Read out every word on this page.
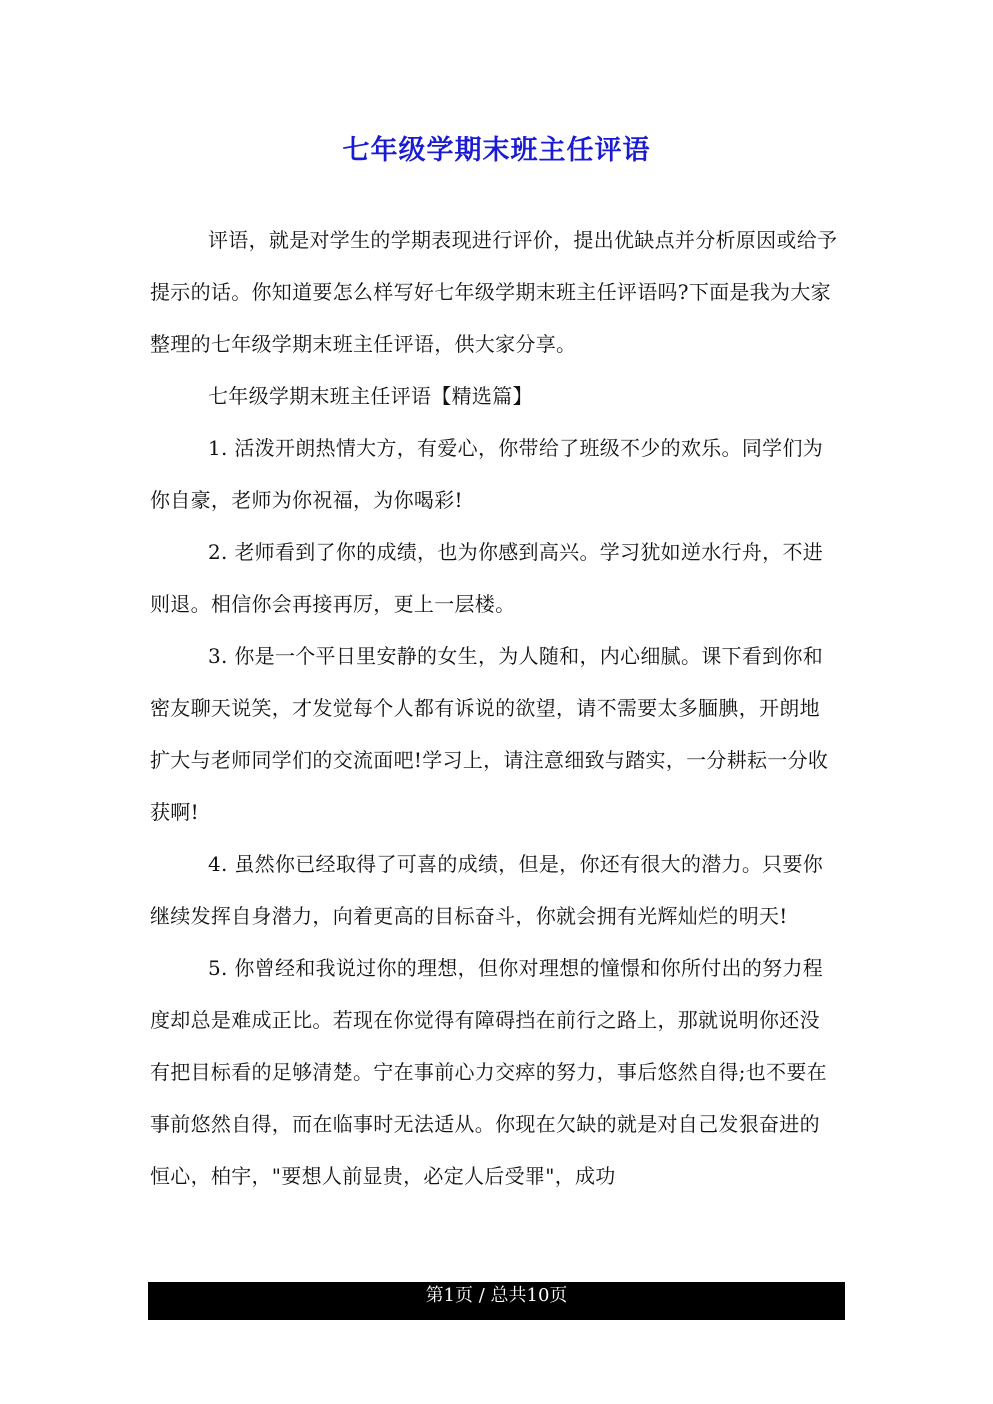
七年级学期末班主任评语

评语，就是对学生的学期表现进行评价，提出优缺点并分析原因或给予提示的话。你知道要怎么样写好七年级学期末班主任评语吗?下面是我为大家整理的七年级学期末班主任评语，供大家分享。

七年级学期末班主任评语【精选篇】

1. 活泼开朗热情大方，有爱心，你带给了班级不少的欢乐。同学们为你自豪，老师为你祝福，为你喝彩!

2. 老师看到了你的成绩，也为你感到高兴。学习犹如逆水行舟，不进则退。相信你会再接再厉，更上一层楼。

3. 你是一个平日里安静的女生，为人随和，内心细腻。课下看到你和密友聊天说笑，才发觉每个人都有诉说的欲望，请不需要太多腼腆，开朗地扩大与老师同学们的交流面吧!学习上，请注意细致与踏实，一分耕耘一分收获啊!

4. 虽然你已经取得了可喜的成绩，但是，你还有很大的潜力。只要你继续发挥自身潜力，向着更高的目标奋斗，你就会拥有光辉灿烂的明天!

5. 你曾经和我说过你的理想，但你对理想的憧憬和你所付出的努力程度却总是难成正比。若现在你觉得有障碍挡在前行之路上，那就说明你还没有把目标看的足够清楚。宁在事前心力交瘁的努力，事后悠然自得;也不要在事前悠然自得，而在临事时无法适从。你现在欠缺的就是对自己发狠奋进的恒心，柏宇，"要想人前显贵，必定人后受罪"，成功

第1页 / 总共10页
